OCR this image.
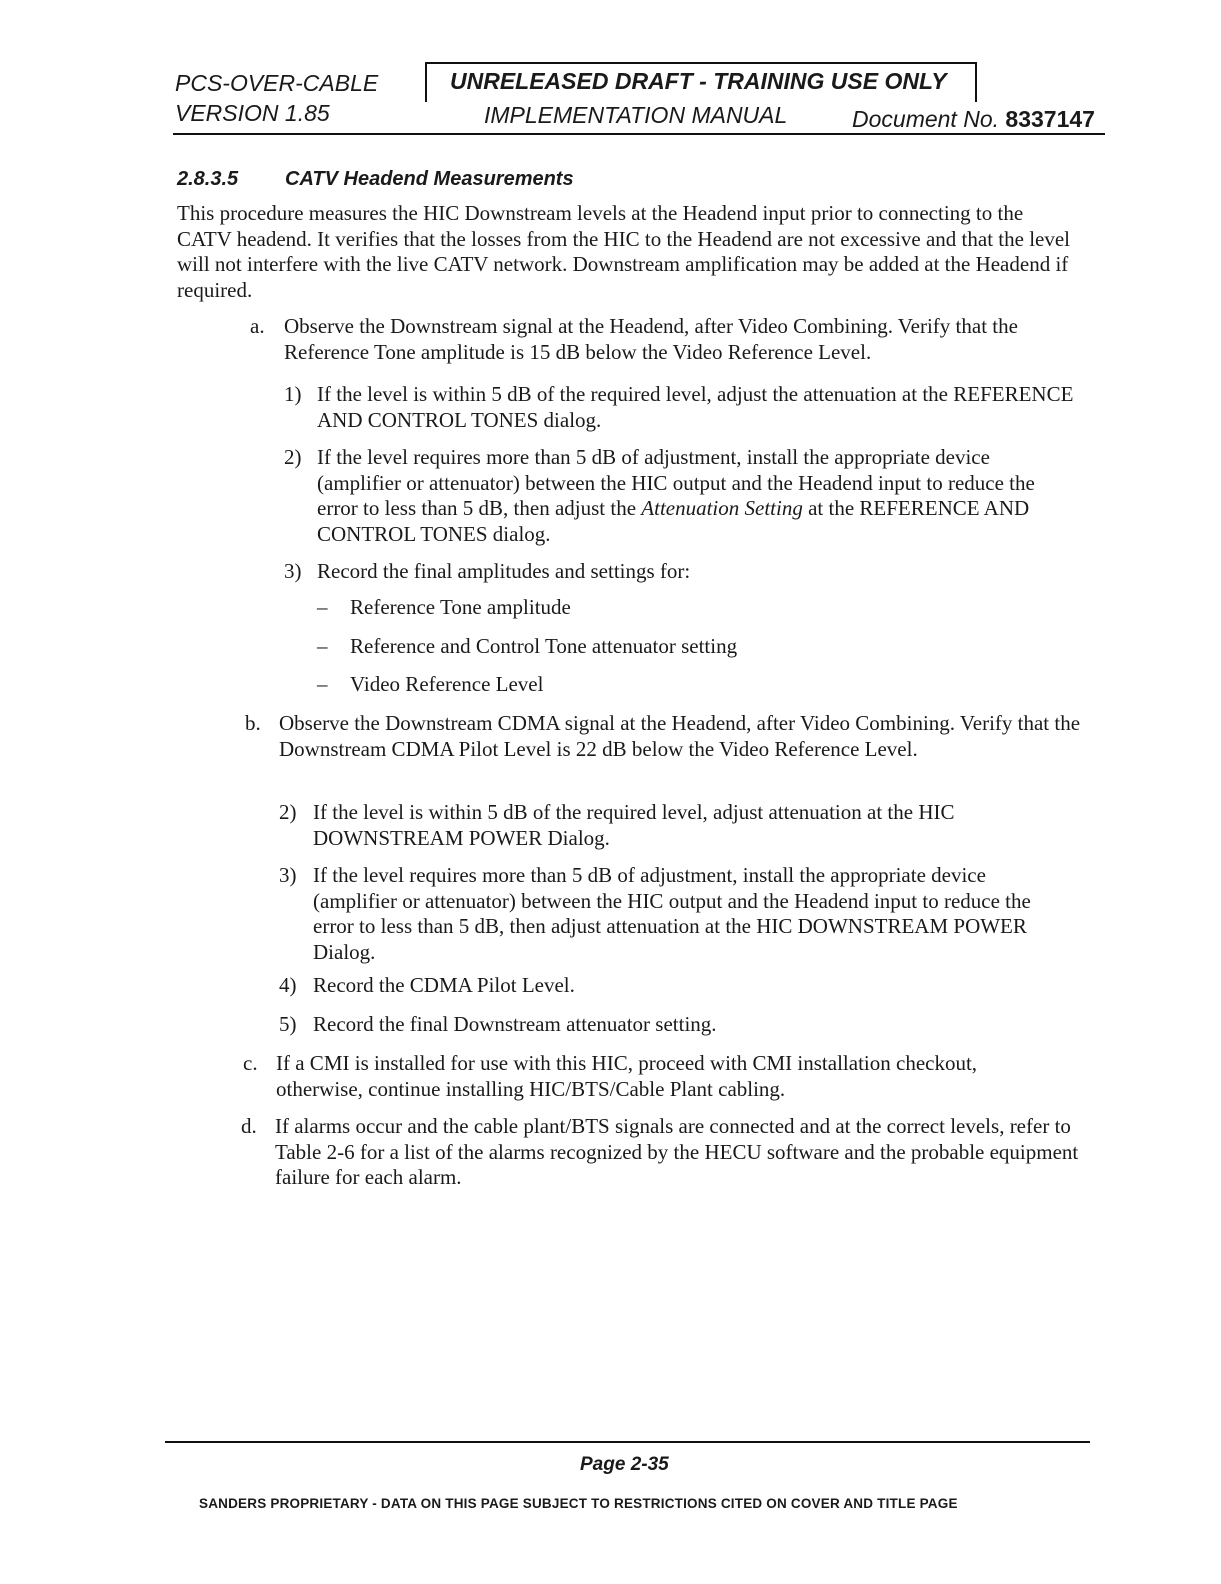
PCS-OVER-CABLE
VERSION 1.85
UNRELEASED DRAFT - TRAINING USE ONLY
IMPLEMENTATION MANUAL	Document No. 8337147
2.8.3.5 CATV Headend Measurements
This procedure measures the HIC Downstream levels at the Headend input prior to connecting to the CATV headend. It verifies that the losses from the HIC to the Headend are not excessive and that the level will not interfere with the live CATV network. Downstream amplification may be added at the Headend if required.
a. Observe the Downstream signal at the Headend, after Video Combining. Verify that the Reference Tone amplitude is 15 dB below the Video Reference Level.
1) If the level is within 5 dB of the required level, adjust the attenuation at the REFERENCE AND CONTROL TONES dialog.
2) If the level requires more than 5 dB of adjustment, install the appropriate device (amplifier or attenuator) between the HIC output and the Headend input to reduce the error to less than 5 dB, then adjust the Attenuation Setting at the REFERENCE AND CONTROL TONES dialog.
3) Record the final amplitudes and settings for:
– Reference Tone amplitude
– Reference and Control Tone attenuator setting
– Video Reference Level
b. Observe the Downstream CDMA signal at the Headend, after Video Combining. Verify that the Downstream CDMA Pilot Level is 22 dB below the Video Reference Level.
2) If the level is within 5 dB of the required level, adjust attenuation at the HIC DOWNSTREAM POWER Dialog.
3) If the level requires more than 5 dB of adjustment, install the appropriate device (amplifier or attenuator) between the HIC output and the Headend input to reduce the error to less than 5 dB, then adjust attenuation at the HIC DOWNSTREAM POWER Dialog.
4) Record the CDMA Pilot Level.
5) Record the final Downstream attenuator setting.
c. If a CMI is installed for use with this HIC, proceed with CMI installation checkout, otherwise, continue installing HIC/BTS/Cable Plant cabling.
d. If alarms occur and the cable plant/BTS signals are connected and at the correct levels, refer to Table 2-6 for a list of the alarms recognized by the HECU software and the probable equipment failure for each alarm.
Page 2-35
SANDERS PROPRIETARY - DATA ON THIS PAGE SUBJECT TO RESTRICTIONS CITED ON COVER AND TITLE PAGE
